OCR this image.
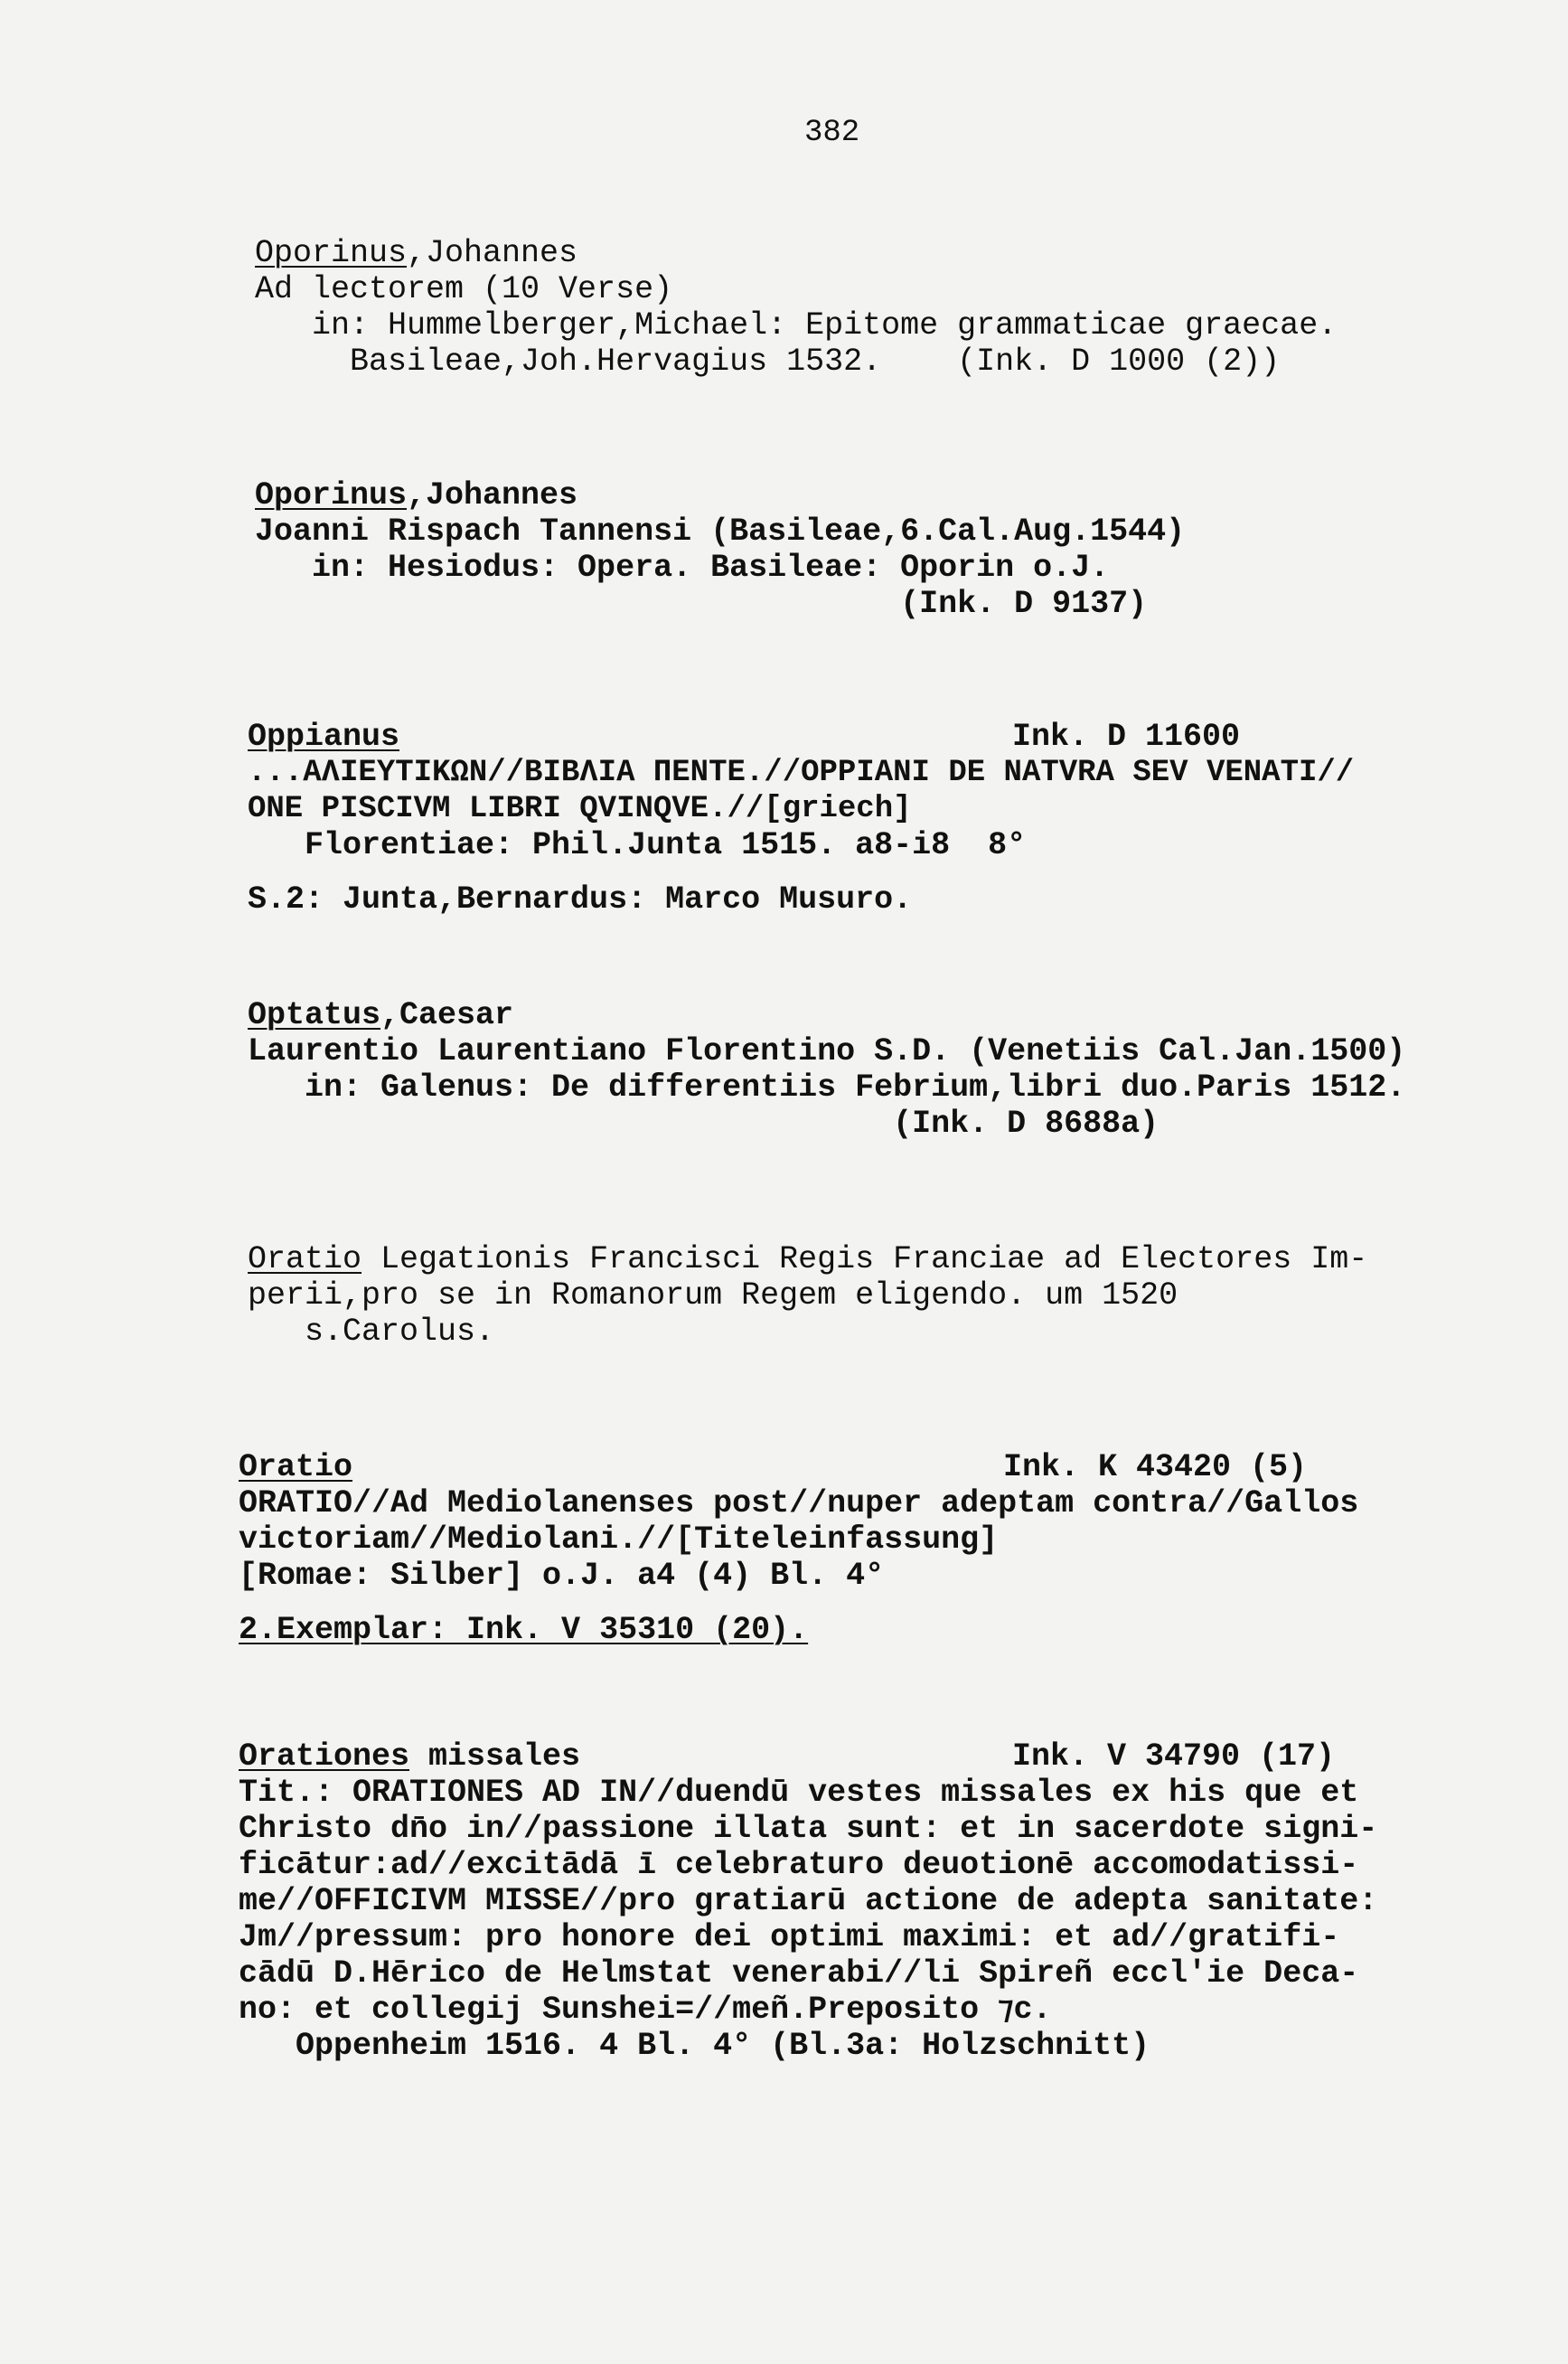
382
Oporinus,Johannes
Ad lectorem (10 Verse)
in: Hummelberger,Michael: Epitome grammaticae graecae.
Basileae,Joh.Hervagius 1532.    (Ink. D 1000 (2))
Oporinus,Johannes
Joanni Rispach Tannensi (Basileae,6.Cal.Aug.1544)
in: Hesiodus: Opera. Basileae: Oporin o.J.
(Ink. D 9137)
Oppianus	Ink. D 11600
...ΑΛΙΕΥΤΙΚΩΝ//ΒΙΒΛΙΑ ΠΕΝΤΕ.//OPPIANI DE NATVRA SEV VENATI//
ONE PISCIVM LIBRI QVINQVE.//[griech]
Florentiae: Phil.Junta 1515. a8-i8 8°
S.2: Junta,Bernardus: Marco Musuro.
Optatus,Caesar
Laurentio Laurentiano Florentino S.D. (Venetiis Cal.Jan.1500)
in: Galenus: De differentiis Febrium,libri duo.Paris 1512.
(Ink. D 8688a)
Oratio Legationis Francisci Regis Franciae ad Electores Im-
perii,pro se in Romanorum Regem eligendo. um 1520
s.Carolus.
Oratio	Ink. K 43420 (5)
ORATIO//Ad Mediolanenses post//nuper adeptam contra//Gallos
victoriam//Mediolani.//[Titeleinfassung]
[Romae: Silber] o.J. a4 (4) Bl. 4°
2.Exemplar: Ink. V 35310 (20).
Orationes missales	Ink. V 34790 (17)
Tit.: ORATIONES AD IN//duendū vestes missales ex his que et
Christo dn̄o in//passione illata sunt: et in sacerdote signi-
ficātur:ad//excitādā ī celebraturo deuotionē accomodatissi-
me//OFFICIVM MISSE//pro gratiarū actione de adepta sanitate:
Jm//pressum: pro honore dei optimi maximi: et ad//gratifi-
cādū D.Hērico de Helmstat venerabi//li Spireñ eccl'ie Deca-
no: et collegij Sunshei=//meñ.Preposito ⁊c.
Oppenheim 1516. 4 Bl. 4° (Bl.3a: Holzschnitt)
